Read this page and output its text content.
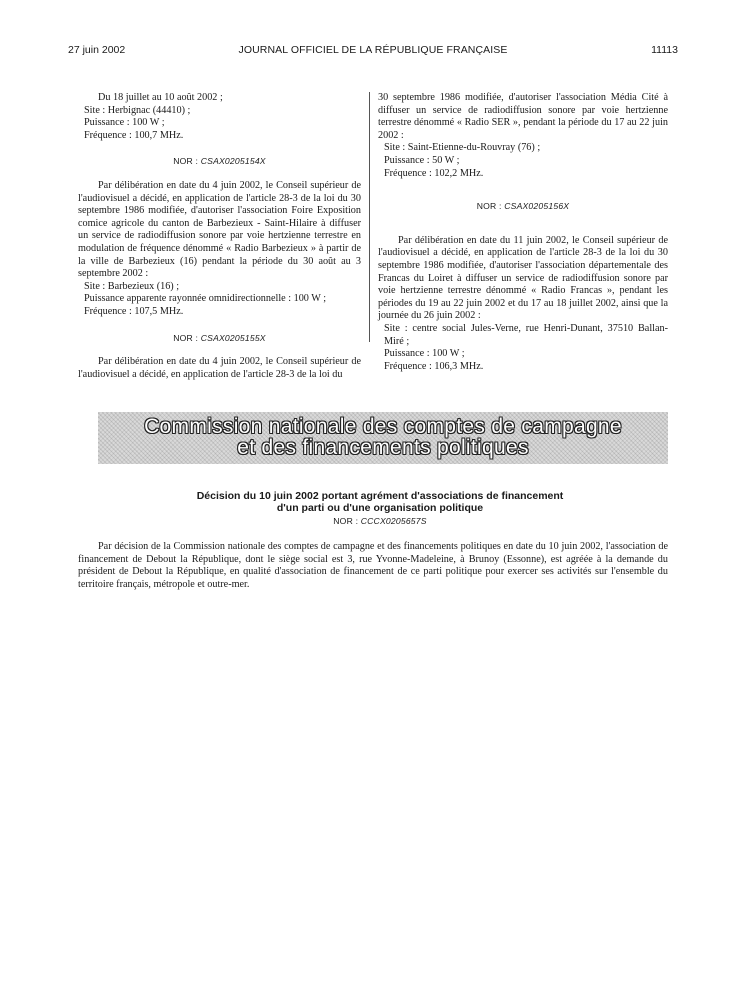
27 juin 2002	JOURNAL OFFICIEL DE LA RÉPUBLIQUE FRANÇAISE	11113

Du 18 juillet au 10 août 2002 ;

Site : Herbignac (44410) ;

Puissance : 100 W ;

Fréquence : 100,7 MHz.

NOR : CSAX0205154X

Par délibération en date du 4 juin 2002, le Conseil supérieur de l'audiovisuel a décidé, en application de l'article 28-3 de la loi du 30 septembre 1986 modifiée, d'autoriser l'association Foire Exposition comice agricole du canton de Barbezieux - Saint-Hilaire à diffuser un service de radiodiffusion sonore par voie hertzienne terrestre en modulation de fréquence dénommé « Radio Barbezieux » à partir de la ville de Barbezieux (16) pendant la période du 30 août au 3 septembre 2002 :

Site : Barbezieux (16) ;

Puissance apparente rayonnée omnidirectionnelle : 100 W ;

Fréquence : 107,5 MHz.

NOR : CSAX0205155X

Par délibération en date du 4 juin 2002, le Conseil supérieur de l'audiovisuel a décidé, en application de l'article 28-3 de la loi du

30 septembre 1986 modifiée, d'autoriser l'association Média Cité à diffuser un service de radiodiffusion sonore par voie hertzienne terrestre dénommé « Radio SER », pendant la période du 17 au 22 juin 2002 :

Site : Saint-Etienne-du-Rouvray (76) ;

Puissance : 50 W ;

Fréquence : 102,2 MHz.

NOR : CSAX0205156X

Par délibération en date du 11 juin 2002, le Conseil supérieur de l'audiovisuel a décidé, en application de l'article 28-3 de la loi du 30 septembre 1986 modifiée, d'autoriser l'association départementale des Francas du Loiret à diffuser un service de radiodiffusion sonore par voie hertzienne terrestre dénommé « Radio Francas », pendant les périodes du 19 au 22 juin 2002 et du 17 au 18 juillet 2002, ainsi que la journée du 26 juin 2002 :

Site : centre social Jules-Verne, rue Henri-Dunant, 37510 Ballan-Miré ;

Puissance : 100 W ;

Fréquence : 106,3 MHz.

Commission nationale des comptes de campagne
et des financements politiques
Décision du 10 juin 2002 portant agrément d'associations de financement
d'un parti ou d'une organisation politique
NOR : CCCX0205657S

Par décision de la Commission nationale des comptes de campagne et des financements politiques en date du 10 juin 2002, l'association de financement de Debout la République, dont le siège social est 3, rue Yvonne-Madeleine, à Brunoy (Essonne), est agréée à la demande du président de Debout la République, en qualité d'association de financement de ce parti politique pour exercer ses activités sur l'ensemble du territoire français, métropole et outre-mer.
